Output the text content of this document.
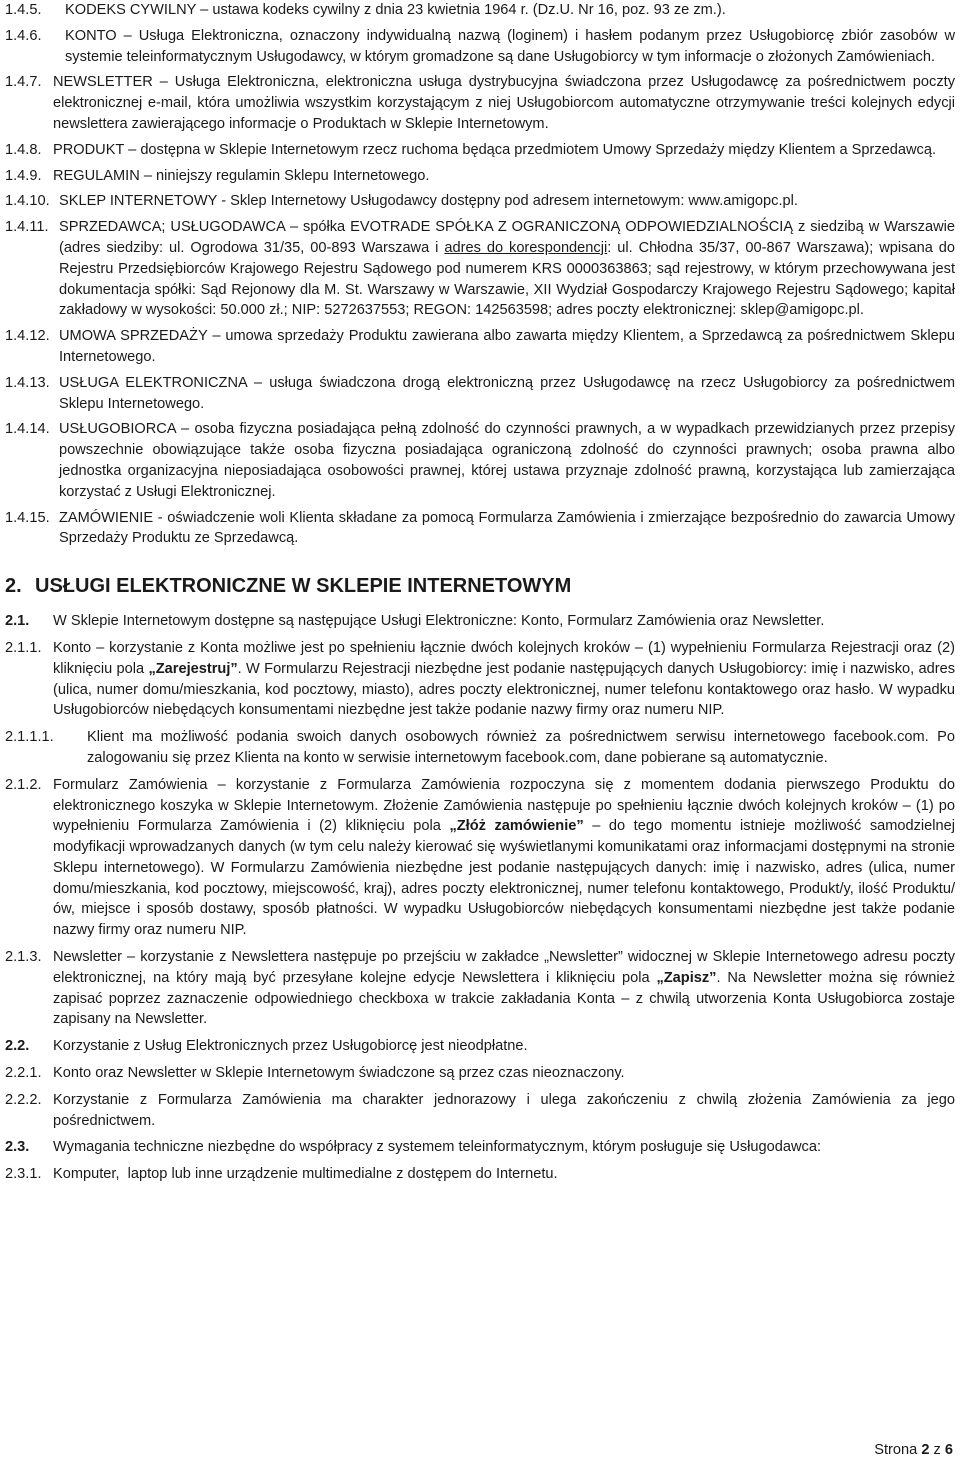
1.4.5.	KODEKS CYWILNY – ustawa kodeks cywilny z dnia 23 kwietnia 1964 r. (Dz.U. Nr 16, poz. 93 ze zm.).
1.4.6.	KONTO – Usługa Elektroniczna, oznaczony indywidualną nazwą (loginem) i hasłem podanym przez Usługobiorcę zbiór zasobów w systemie teleinformatycznym Usługodawcy, w którym gromadzone są dane Usługobiorcy w tym informacje o złożonych Zamówieniach.
1.4.7. NEWSLETTER – Usługa Elektroniczna, elektroniczna usługa dystrybucyjna świadczona przez Usługodawcę za pośrednictwem poczty elektronicznej e-mail, która umożliwia wszystkim korzystającym z niej Usługobiorcom automatyczne otrzymywanie treści kolejnych edycji newslettera zawierającego informacje o Produktach w Sklepie Internetowym.
1.4.8. PRODUKT – dostępna w Sklepie Internetowym rzecz ruchoma będąca przedmiotem Umowy Sprzedaży między Klientem a Sprzedawcą.
1.4.9. REGULAMIN – niniejszy regulamin Sklepu Internetowego.
1.4.10. SKLEP INTERNETOWY - Sklep Internetowy Usługodawcy dostępny pod adresem internetowym: www.amigopc.pl.
1.4.11. SPRZEDAWCA; USŁUGODAWCA – spółka EVOTRADE SPÓŁKA Z OGRANICZONĄ ODPOWIEDZIALNOŚCIĄ z siedzibą w Warszawie (adres siedziby: ul. Ogrodowa 31/35, 00-893 Warszawa i adres do korespondencji: ul. Chłodna 35/37, 00-867 Warszawa); wpisana do Rejestru Przedsiębiorców Krajowego Rejestru Sądowego pod numerem KRS 0000363863; sąd rejestrowy, w którym przechowywana jest dokumentacja spółki: Sąd Rejonowy dla M. St. Warszawy w Warszawie, XII Wydział Gospodarczy Krajowego Rejestru Sądowego; kapitał zakładowy w wysokości: 50.000 zł.; NIP: 5272637553; REGON: 142563598; adres poczty elektronicznej: sklep@amigopc.pl.
1.4.12. UMOWA SPRZEDAŻY – umowa sprzedaży Produktu zawierana albo zawarta między Klientem, a Sprzedawcą za pośrednictwem Sklepu Internetowego.
1.4.13. USŁUGA ELEKTRONICZNA – usługa świadczona drogą elektroniczną przez Usługodawcę na rzecz Usługobiorcy za pośrednictwem Sklepu Internetowego.
1.4.14. USŁUGOBIORCA – osoba fizyczna posiadająca pełną zdolność do czynności prawnych, a w wypadkach przewidzianych przez przepisy powszechnie obowiązujące także osoba fizyczna posiadająca ograniczoną zdolność do czynności prawnych; osoba prawna albo jednostka organizacyjna nieposiadająca osobowości prawnej, której ustawa przyznaje zdolność prawną, korzystająca lub zamierzająca korzystać z Usługi Elektronicznej.
1.4.15. ZAMÓWIENIE - oświadczenie woli Klienta składane za pomocą Formularza Zamówienia i zmierzające bezpośrednio do zawarcia Umowy Sprzedaży Produktu ze Sprzedawcą.
2. USŁUGI ELEKTRONICZNE W SKLEPIE INTERNETOWYM
2.1.	W Sklepie Internetowym dostępne są następujące Usługi Elektroniczne: Konto, Formularz Zamówienia oraz Newsletter.
2.1.1. Konto – korzystanie z Konta możliwe jest po spełnieniu łącznie dwóch kolejnych kroków – (1) wypełnieniu Formularza Rejestracji oraz (2) kliknięciu pola „Zarejestruj”. W Formularzu Rejestracji niezbędne jest podanie następujących danych Usługobiorcy: imię i nazwisko, adres (ulica, numer domu/mieszkania, kod pocztowy, miasto), adres poczty elektronicznej, numer telefonu kontaktowego oraz hasło. W wypadku Usługobiorców niebędących konsumentami niezbędne jest także podanie nazwy firmy oraz numeru NIP.
2.1.1.1.	Klient ma możliwość podania swoich danych osobowych również za pośrednictwem serwisu internetowego facebook.com. Po zalogowaniu się przez Klienta na konto w serwisie internetowym facebook.com, dane pobierane są automatycznie.
2.1.2. Formularz Zamówienia – korzystanie z Formularza Zamówienia rozpoczyna się z momentem dodania pierwszego Produktu do elektronicznego koszyka w Sklepie Internetowym. Złożenie Zamówienia następuje po spełnieniu łącznie dwóch kolejnych kroków – (1) po wypełnieniu Formularza Zamówienia i (2) kliknięciu pola „Złóż zamówienie” – do tego momentu istnieje możliwość samodzielnej modyfikacji wprowadzanych danych (w tym celu należy kierować się wyświetlanymi komunikatami oraz informacjami dostępnymi na stronie Sklepu internetowego). W Formularzu Zamówienia niezbędne jest podanie następujących danych: imię i nazwisko, adres (ulica, numer domu/mieszkania, kod pocztowy, miejscowość, kraj), adres poczty elektronicznej, numer telefonu kontaktowego, Produkt/y, ilość Produktu/ów, miejsce i sposób dostawy, sposób płatności. W wypadku Usługobiorców niebędących konsumentami niezbędne jest także podanie nazwy firmy oraz numeru NIP.
2.1.3. Newsletter – korzystanie z Newslettera następuje po przejściu w zakładce „Newsletter” widocznej w Sklepie Internetowego adresu poczty elektronicznej, na który mają być przesyłane kolejne edycje Newslettera i kliknięciu pola „Zapisz”. Na Newsletter można się również zapisać poprzez zaznaczenie odpowiedniego checkboxa w trakcie zakładania Konta – z chwilą utworzenia Konta Usługobiorca zostaje zapisany na Newsletter.
2.2.	Korzystanie z Usług Elektronicznych przez Usługobiorcę jest nieodpłatne.
2.2.1. Konto oraz Newsletter w Sklepie Internetowym świadczone są przez czas nieoznaczony.
2.2.2. Korzystanie z Formularza Zamówienia ma charakter jednorazowy i ulega zakończeniu z chwilą złożenia Zamówienia za jego pośrednictwem.
2.3.	Wymagania techniczne niezbędne do współpracy z systemem teleinformatycznym, którym posługuje się Usługodawca:
2.3.1. Komputer,  laptop lub inne urządzenie multimedialne z dostępem do Internetu.
Strona 2 z 6
